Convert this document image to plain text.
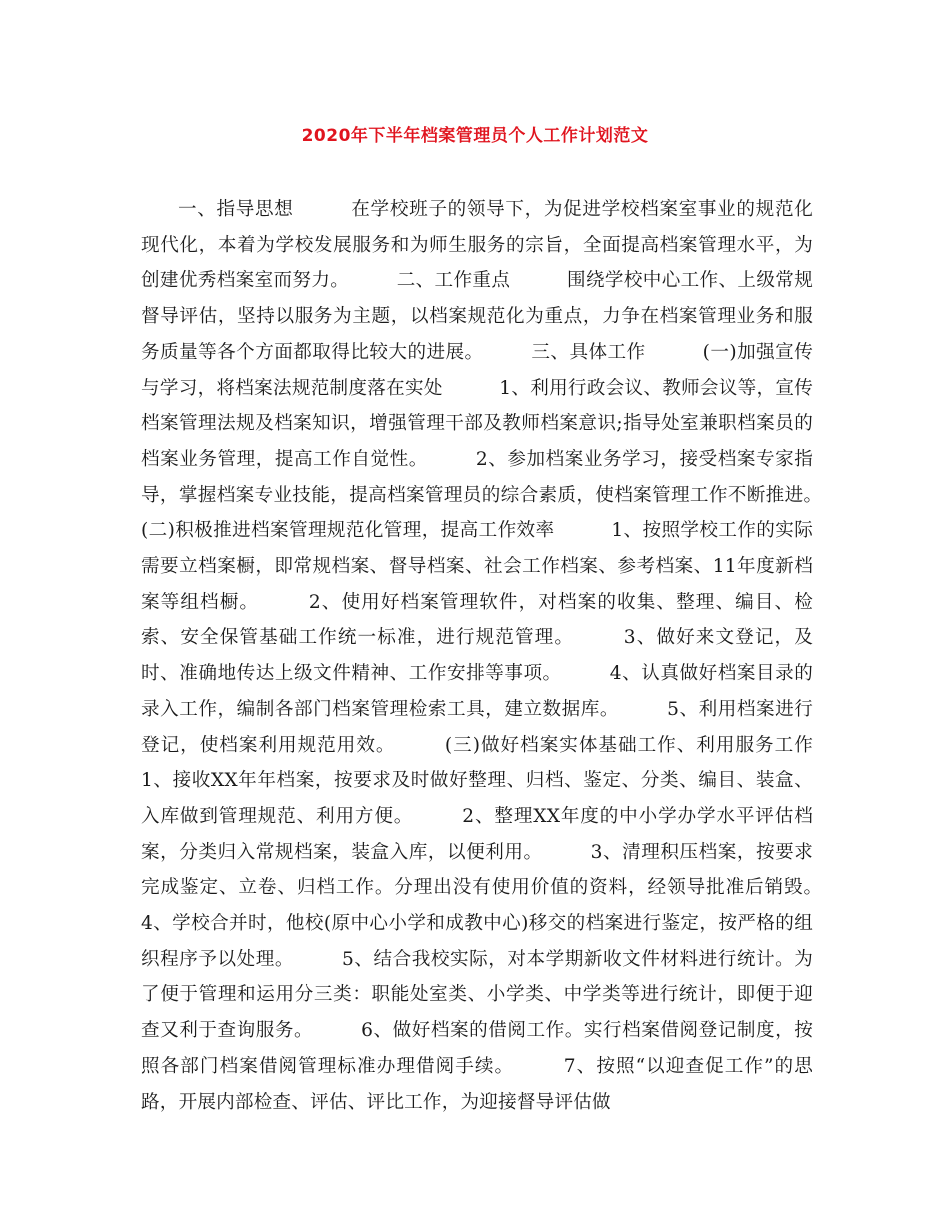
2020年下半年档案管理员个人工作计划范文

一、指导思想　　　在学校班子的领导下，为促进学校档案室事业的规范化现代化，本着为学校发展服务和为师生服务的宗旨，全面提高档案管理水平，为创建优秀档案室而努力。　　　二、工作重点　　　围绕学校中心工作、上级常规督导评估，坚持以服务为主题，以档案规范化为重点，力争在档案管理业务和服务质量等各个方面都取得比较大的进展。　　　三、具体工作　　　(一)加强宣传与学习，将档案法规范制度落在实处　　　1、利用行政会议、教师会议等，宣传档案管理法规及档案知识，增强管理干部及教师档案意识;指导处室兼职档案员的档案业务管理，提高工作自觉性。　　　2、参加档案业务学习，接受档案专家指导，掌握档案专业技能，提高档案管理员的综合素质，使档案管理工作不断推进。　　　(二)积极推进档案管理规范化管理，提高工作效率　　　1、按照学校工作的实际需要立档案橱，即常规档案、督导档案、社会工作档案、参考档案、11年度新档案等组档橱。　　　2、使用好档案管理软件，对档案的收集、整理、编目、检索、安全保管基础工作统一标准，进行规范管理。　　　3、做好来文登记，及时、准确地传达上级文件精神、工作安排等事项。　　　4、认真做好档案目录的录入工作，编制各部门档案管理检索工具，建立数据库。　　　5、利用档案进行登记，使档案利用规范用效。　　　(三)做好档案实体基础工作、利用服务工作　　　1、接收XX年年档案，按要求及时做好整理、归档、鉴定、分类、编目、装盒、入库做到管理规范、利用方便。　　　2、整理XX年度的中小学办学水平评估档案，分类归入常规档案，装盒入库，以便利用。　　　3、清理积压档案，按要求完成鉴定、立卷、归档工作。分理出没有使用价值的资料，经领导批准后销毁。　　　4、学校合并时，他校(原中心小学和成教中心)移交的档案进行鉴定，按严格的组织程序予以处理。　　　5、结合我校实际，对本学期新收文件材料进行统计。为了便于管理和运用分三类：职能处室类、小学类、中学类等进行统计，即便于迎查又利于查询服务。　　　6、做好档案的借阅工作。实行档案借阅登记制度，按照各部门档案借阅管理标准办理借阅手续。　　　7、按照“以迎查促工作”的思路，开展内部检查、评估、评比工作，为迎接督导评估做
